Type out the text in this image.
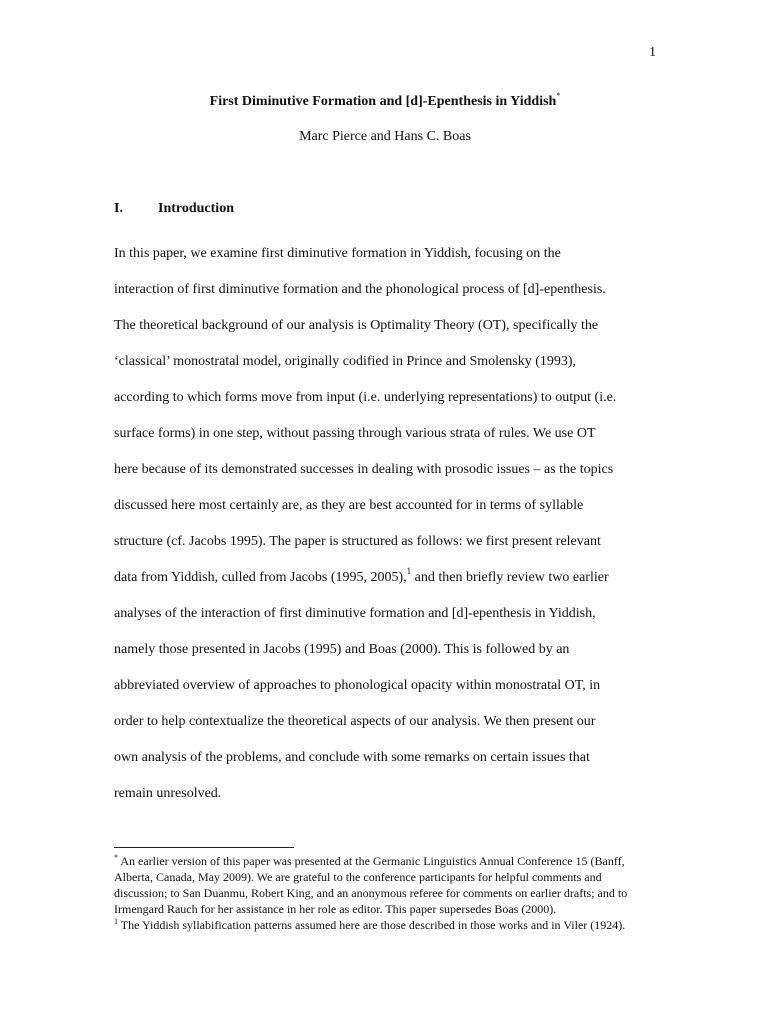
1
First Diminutive Formation and [d]-Epenthesis in Yiddish*
Marc Pierce and Hans C. Boas
I.	Introduction
In this paper, we examine first diminutive formation in Yiddish, focusing on the
interaction of first diminutive formation and the phonological process of [d]-epenthesis.
The theoretical background of our analysis is Optimality Theory (OT), specifically the
‘classical’ monostratal model, originally codified in Prince and Smolensky (1993),
according to which forms move from input (i.e. underlying representations) to output (i.e.
surface forms) in one step, without passing through various strata of rules. We use OT
here because of its demonstrated successes in dealing with prosodic issues – as the topics
discussed here most certainly are, as they are best accounted for in terms of syllable
structure (cf. Jacobs 1995). The paper is structured as follows: we first present relevant
data from Yiddish, culled from Jacobs (1995, 2005),$^1$ and then briefly review two earlier
analyses of the interaction of first diminutive formation and [d]-epenthesis in Yiddish,
namely those presented in Jacobs (1995) and Boas (2000). This is followed by an
abbreviated overview of approaches to phonological opacity within monostratal OT, in
order to help contextualize the theoretical aspects of our analysis. We then present our
own analysis of the problems, and conclude with some remarks on certain issues that
remain unresolved.
* An earlier version of this paper was presented at the Germanic Linguistics Annual Conference 15 (Banff,
Alberta, Canada, May 2009). We are grateful to the conference participants for helpful comments and
discussion; to San Duanmu, Robert King, and an anonymous referee for comments on earlier drafts; and to
Irmengard Rauch for her assistance in her role as editor. This paper supersedes Boas (2000).
$^1$ The Yiddish syllabification patterns assumed here are those described in those works and in Viler (1924).
